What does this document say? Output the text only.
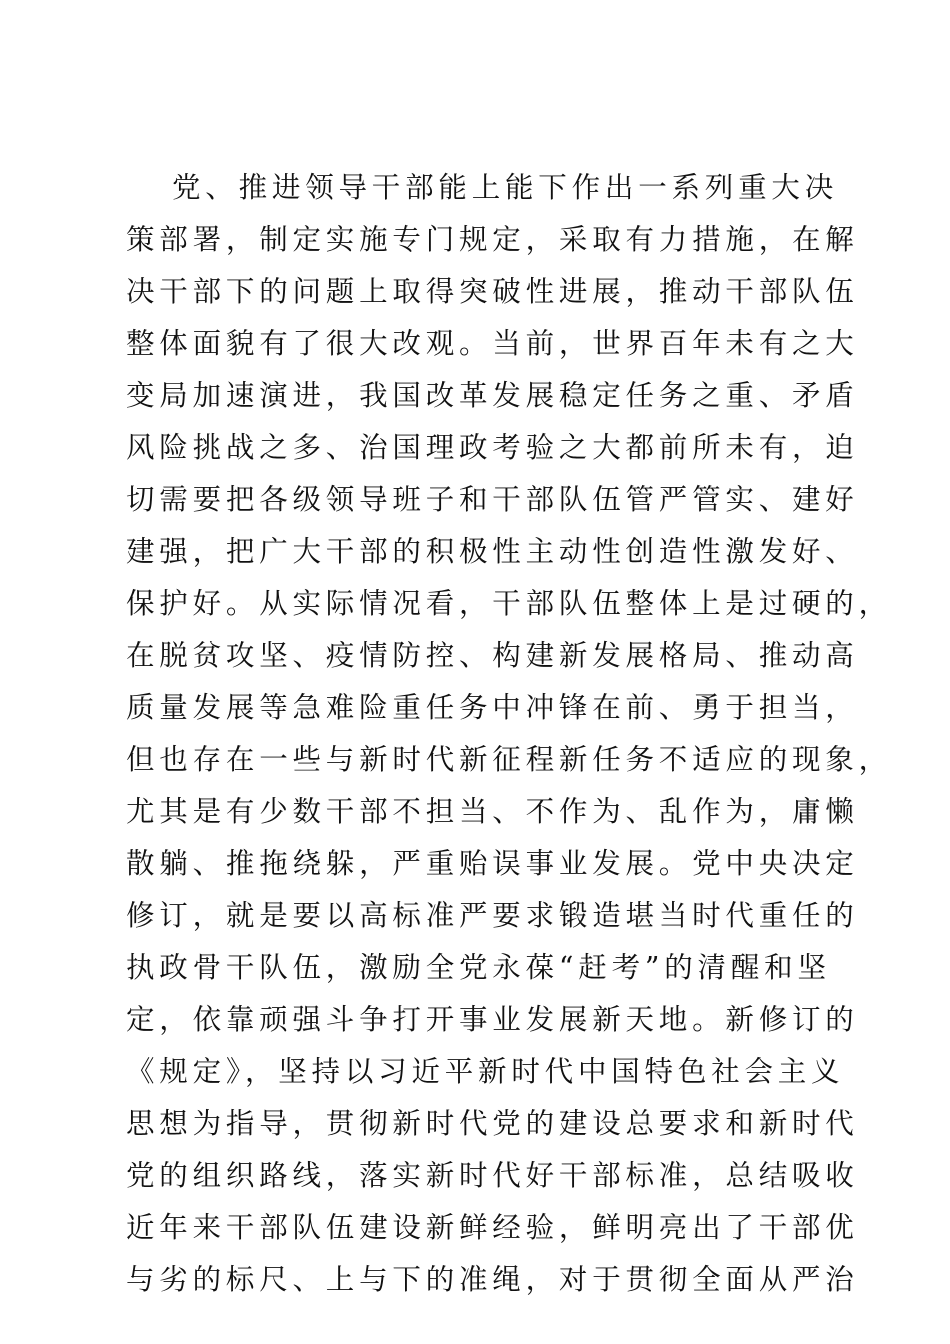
党、推进领导干部能上能下作出一系列重大决
策部署，制定实施专门规定，采取有力措施，在解
决干部下的问题上取得突破性进展，推动干部队伍
整体面貌有了很大改观。当前，世界百年未有之大
变局加速演进，我国改革发展稳定任务之重、矛盾
风险挑战之多、治国理政考验之大都前所未有，迫
切需要把各级领导班子和干部队伍管严管实、建好
建强，把广大干部的积极性主动性创造性激发好、
保护好。从实际情况看，干部队伍整体上是过硬的，
在脱贫攻坚、疫情防控、构建新发展格局、推动高
质量发展等急难险重任务中冲锋在前、勇于担当，
但也存在一些与新时代新征程新任务不适应的现象，
尤其是有少数干部不担当、不作为、乱作为，庸懒
散躺、推拖绕躲，严重贻误事业发展。党中央决定
修订，就是要以高标准严要求锻造堪当时代重任的
执政骨干队伍，激励全党永葆“赶考”的清醒和坚
定，依靠顽强斗争打开事业发展新天地。新修订的
《规定》，坚持以习近平新时代中国特色社会主义
思想为指导，贯彻新时代党的建设总要求和新时代
党的组织路线，落实新时代好干部标准，总结吸收
近年来干部队伍建设新鲜经验，鲜明亮出了干部优
与劣的标尺、上与下的准绳，对于贯彻全面从严治
